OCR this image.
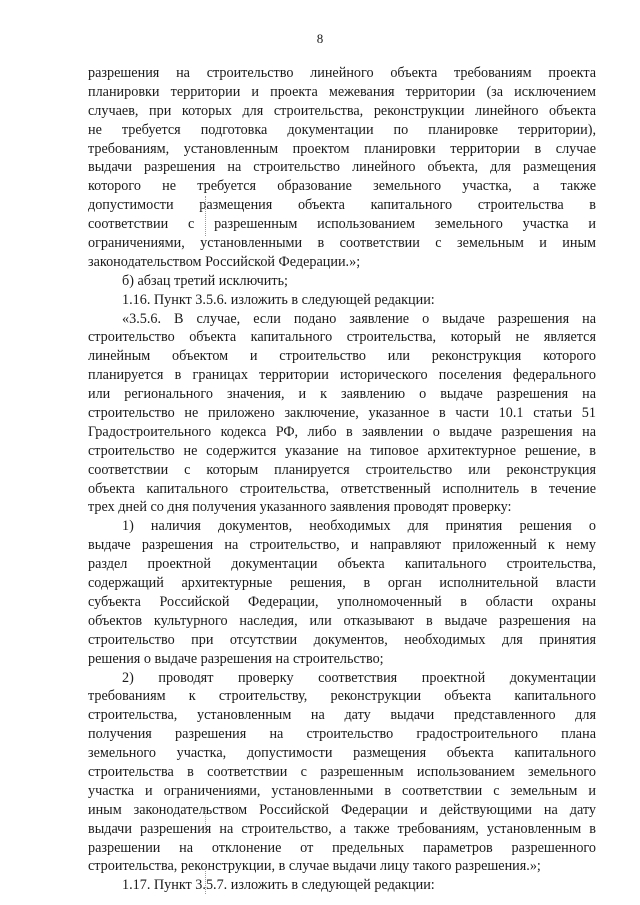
8
разрешения на строительство линейного объекта требованиям проекта
планировки территории и проекта межевания территории (за исключением
случаев, при которых для строительства, реконструкции линейного объекта
не требуется подготовка документации по планировке территории),
требованиям, установленным проектом планировки территории в случае
выдачи разрешения на строительство линейного объекта, для размещения
которого не требуется образование земельного участка, а также
допустимости размещения объекта капитального строительства в
соответствии с разрешенным использованием земельного участка и
ограничениями, установленными в соответствии с земельным и иным
законодательством Российской Федерации.»;
б) абзац третий исключить;
1.16. Пункт 3.5.6. изложить в следующей редакции:
«3.5.6. В случае, если подано заявление о выдаче разрешения на
строительство объекта капитального строительства, который не является
линейным объектом и строительство или реконструкция которого
планируется в границах территории исторического поселения федерального
или регионального значения, и к заявлению о выдаче разрешения на
строительство не приложено заключение, указанное в части 10.1 статьи 51
Градостроительного кодекса РФ, либо в заявлении о выдаче разрешения на
строительство не содержится указание на типовое архитектурное решение, в
соответствии с которым планируется строительство или реконструкция
объекта капитального строительства, ответственный исполнитель в течение
трех дней со дня получения указанного заявления проводят проверку:
1) наличия документов, необходимых для принятия решения о
выдаче разрешения на строительство, и направляют приложенный к нему
раздел проектной документации объекта капитального строительства,
содержащий архитектурные решения, в орган исполнительной власти
субъекта Российской Федерации, уполномоченный в области охраны
объектов культурного наследия, или отказывают в выдаче разрешения на
строительство при отсутствии документов, необходимых для принятия
решения о выдаче разрешения на строительство;
2) проводят проверку соответствия проектной документации
требованиям к строительству, реконструкции объекта капитального
строительства, установленным на дату выдачи представленного для
получения разрешения на строительство градостроительного плана
земельного участка, допустимости размещения объекта капитального
строительства в соответствии с разрешенным использованием земельного
участка и ограничениями, установленными в соответствии с земельным и
иным законодательством Российской Федерации и действующими на дату
выдачи разрешения на строительство, а также требованиям, установленным в
разрешении на отклонение от предельных параметров разрешенного
строительства, реконструкции, в случае выдачи лицу такого разрешения.»;
1.17. Пункт 3.5.7. изложить в следующей редакции:
